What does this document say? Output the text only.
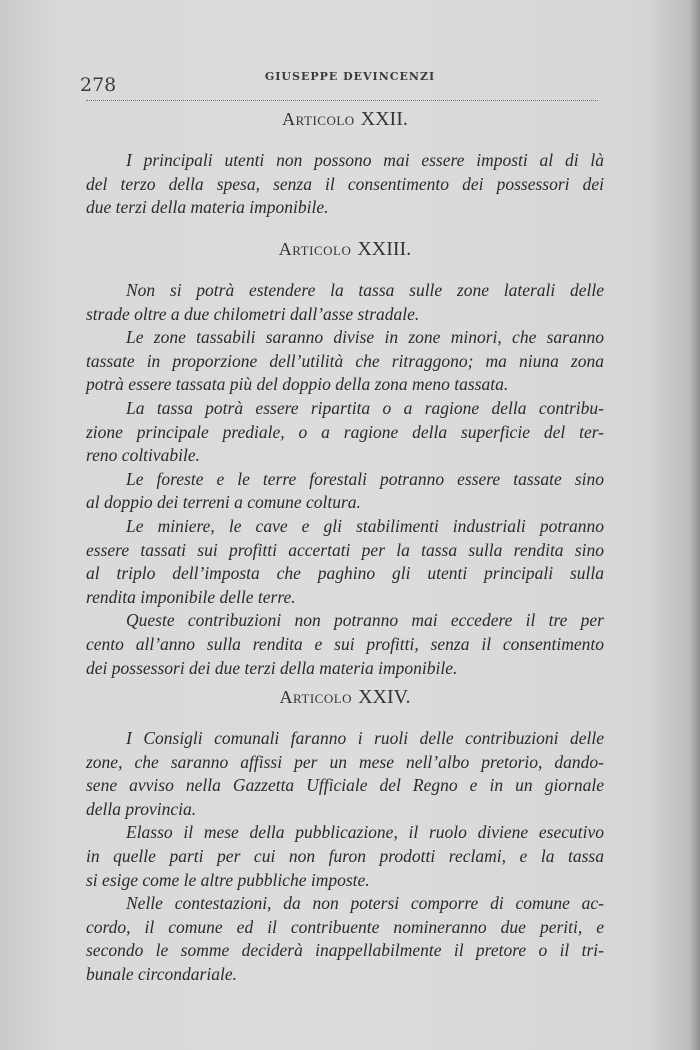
278	GIUSEPPE DEVINCENZI
Articolo XXII.
I principali utenti non possono mai essere imposti al di là
del terzo della spesa, senza il consentimento dei possessori dei
due terzi della materia imponibile.
Articolo XXIII.
Non si potrà estendere la tassa sulle zone laterali delle
strade oltre a due chilometri dall’asse stradale.
Le zone tassabili saranno divise in zone minori, che saranno
tassate in proporzione dell’utilità che ritraggono; ma niuna zona
potrà essere tassata più del doppio della zona meno tassata.
La tassa potrà essere ripartita o a ragione della contribu-
zione principale prediale, o a ragione della superficie del ter-
reno coltivabile.
Le foreste e le terre forestali potranno essere tassate sino
al doppio dei terreni a comune coltura.
Le miniere, le cave e gli stabilimenti industriali potranno
essere tassati sui profitti accertati per la tassa sulla rendita sino
al triplo dell’imposta che paghino gli utenti principali sulla
rendita imponibile delle terre.
Queste contribuzioni non potranno mai eccedere il tre per
cento all’anno sulla rendita e sui profitti, senza il consentimento
dei possessori dei due terzi della materia imponibile.
Articolo XXIV.
I Consigli comunali faranno i ruoli delle contribuzioni delle
zone, che saranno affissi per un mese nell’albo pretorio, dando-
sene avviso nella Gazzetta Ufficiale del Regno e in un giornale
della provincia.
Elasso il mese della pubblicazione, il ruolo diviene esecutivo
in quelle parti per cui non furon prodotti reclami, e la tassa
si esige come le altre pubbliche imposte.
Nelle contestazioni, da non potersi comporre di comune ac-
cordo, il comune ed il contribuente nomineranno due periti, e
secondo le somme deciderà inappellabilmente il pretore o il tri-
bunale circondariale.
